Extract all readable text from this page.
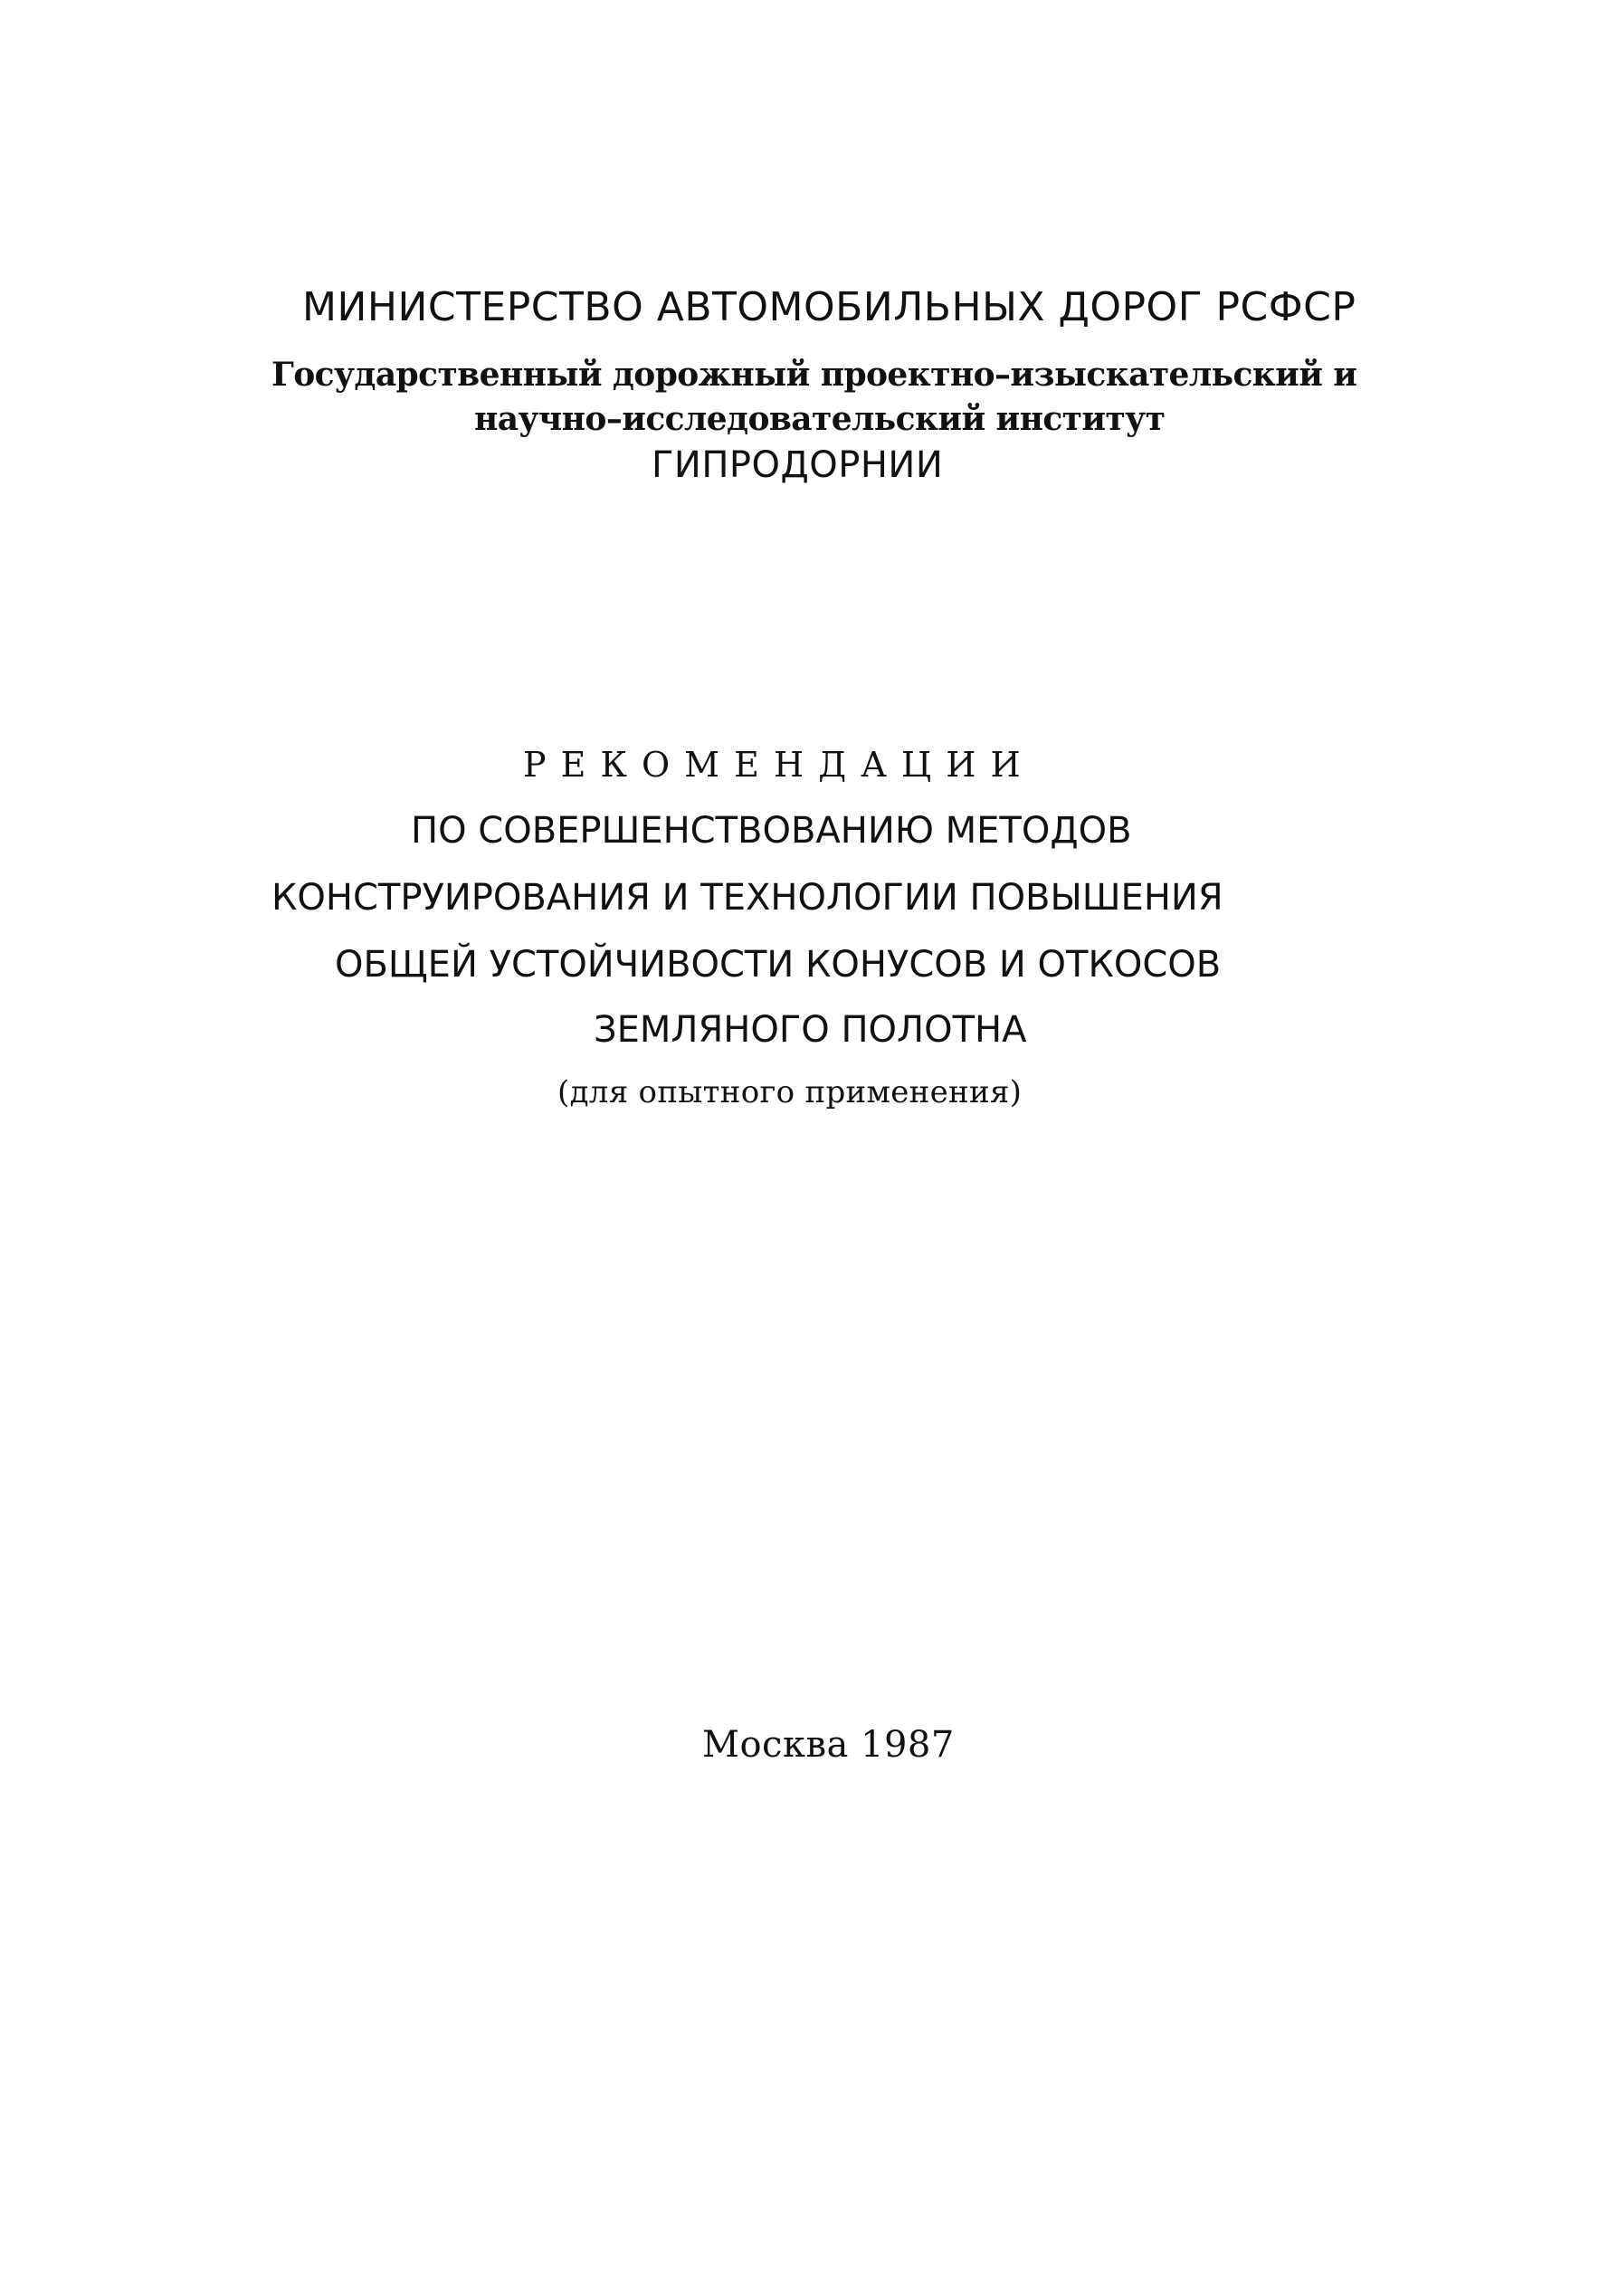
МИНИСТЕРСТВО АВТОМОБИЛЬНЫХ ДОРОГ РСФСР
Государственный дорожный проектно–изыскательский и
научно–исследовательский институт
ГИПРОДОРНИИ
Р Е К О М Е Н Д А Ц И И
ПО СОВЕРШЕНСТВОВАНИЮ МЕТОДОВ
КОНСТРУИРОВАНИЯ И ТЕХНОЛОГИИ ПОВЫШЕНИЯ
ОБЩЕЙ УСТОЙЧИВОСТИ КОНУСОВ И ОТКОСОВ
ЗЕМЛЯНОГО ПОЛОТНА
(для опытного применения)
Москва 1987
